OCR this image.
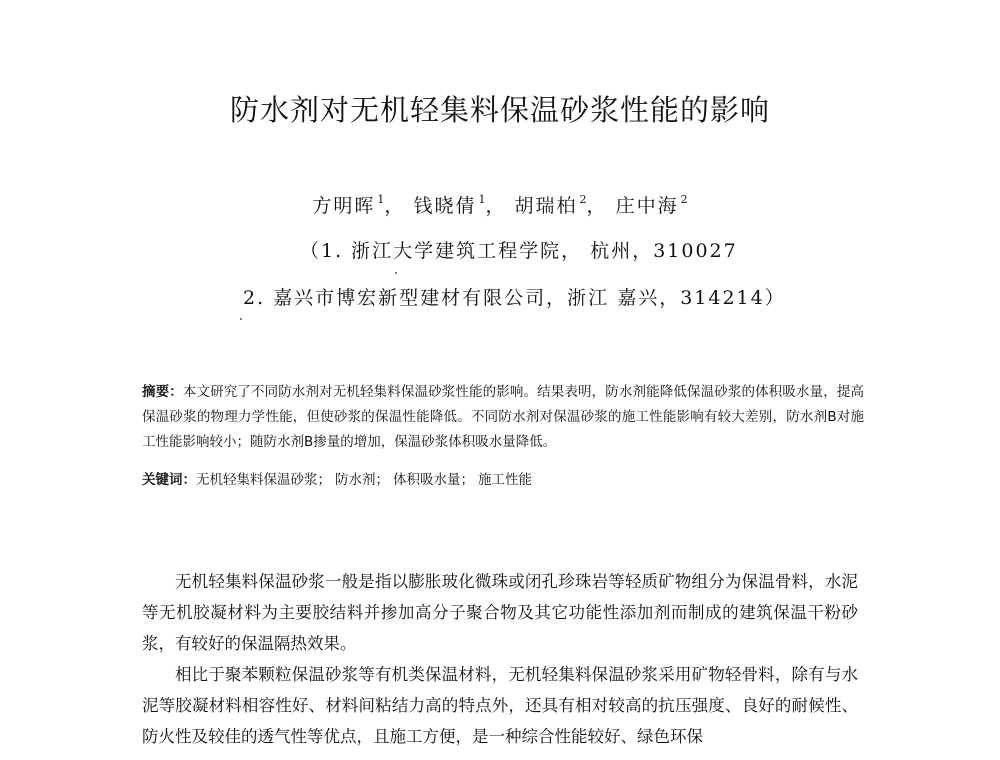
防水剂对无机轻集料保温砂浆性能的影响
方明晖 $^1$， 钱晓倩 $^1$， 胡瑞柏 $^2$， 庄中海 $^2$
（1. 浙江大学建筑工程学院， 杭州，310027
2. 嘉兴市博宏新型建材有限公司，浙江 嘉兴，314214）
摘要：本文研究了不同防水剂对无机轻集料保温砂浆性能的影响。结果表明，防水剂能降低保温砂浆的体积吸水量，提高保温砂浆的物理力学性能，但使砂浆的保温性能降低。不同防水剂对保温砂浆的施工性能影响有较大差别，防水剂B对施工性能影响较小；随防水剂B掺量的增加，保温砂浆体积吸水量降低。
关键词：无机轻集料保温砂浆； 防水剂； 体积吸水量； 施工性能

无机轻集料保温砂浆一般是指以膨胀玻化微珠或闭孔珍珠岩等轻质矿物组分为保温骨料，水泥等无机胶凝材料为主要胶结料并掺加高分子聚合物及其它功能性添加剂而制成的建筑保温干粉砂浆，有较好的保温隔热效果。

相比于聚苯颗粒保温砂浆等有机类保温材料，无机轻集料保温砂浆采用矿物轻骨料，除有与水泥等胶凝材料相容性好、材料间粘结力高的特点外，还具有相对较高的抗压强度、良好的耐候性、防火性及较佳的透气性等优点，且施工方便，是一种综合性能较好、绿色环保
